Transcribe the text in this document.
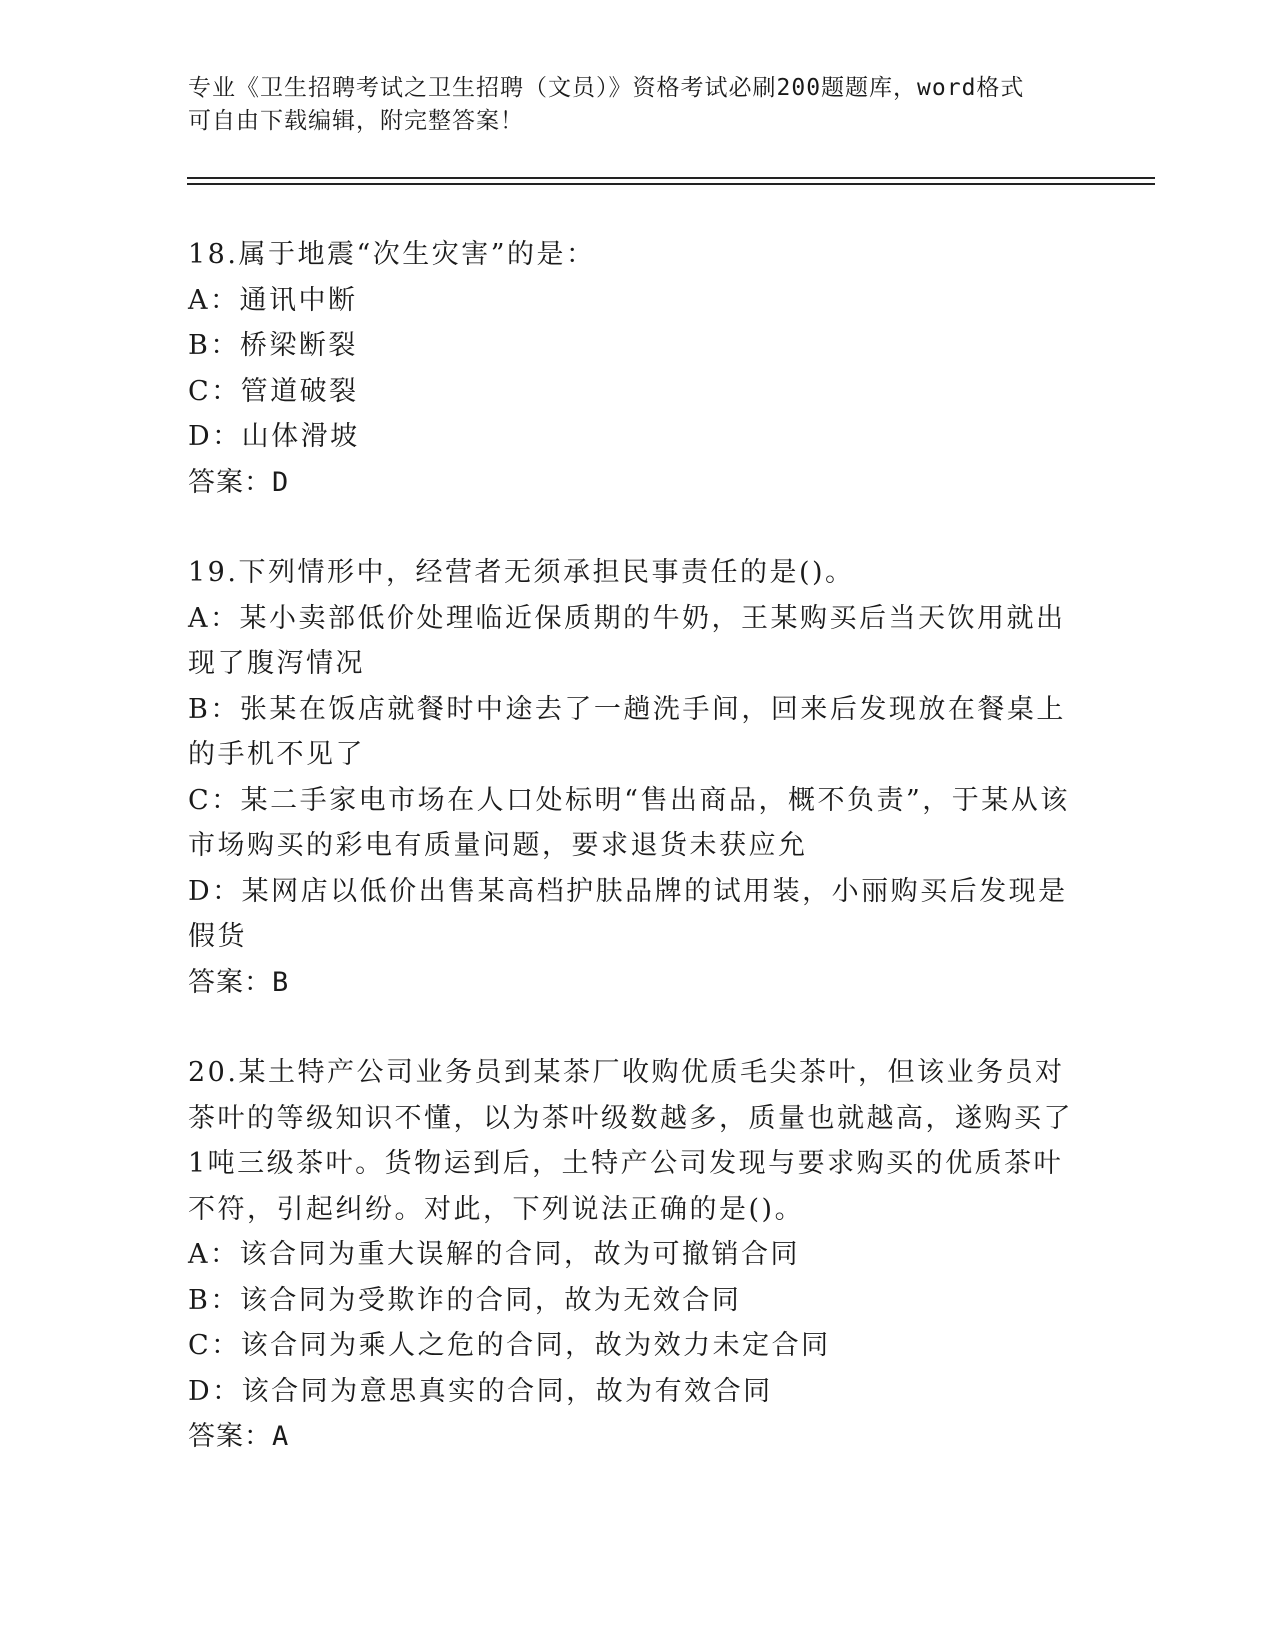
专业《卫生招聘考试之卫生招聘（文员）》资格考试必刷200题题库，word格式
可自由下载编辑，附完整答案！

18.属于地震“次生灾害”的是：

A：通讯中断

B：桥梁断裂

C：管道破裂

D：山体滑坡

答案：D

19.下列情形中，经营者无须承担民事责任的是()。

A：某小卖部低价处理临近保质期的牛奶，王某购买后当天饮用就出现了腹泻情况

B：张某在饭店就餐时中途去了一趟洗手间，回来后发现放在餐桌上的手机不见了

C：某二手家电市场在人口处标明“售出商品，概不负责”，于某从该市场购买的彩电有质量问题，要求退货未获应允

D：某网店以低价出售某高档护肤品牌的试用装，小丽购买后发现是假货

答案：B

20.某土特产公司业务员到某茶厂收购优质毛尖茶叶，但该业务员对茶叶的等级知识不懂，以为茶叶级数越多，质量也就越高，遂购买了1吨三级茶叶。货物运到后，土特产公司发现与要求购买的优质茶叶不符，引起纠纷。对此，下列说法正确的是()。

A：该合同为重大误解的合同，故为可撤销合同

B：该合同为受欺诈的合同，故为无效合同

C：该合同为乘人之危的合同，故为效力未定合同

D：该合同为意思真实的合同，故为有效合同

答案：A
